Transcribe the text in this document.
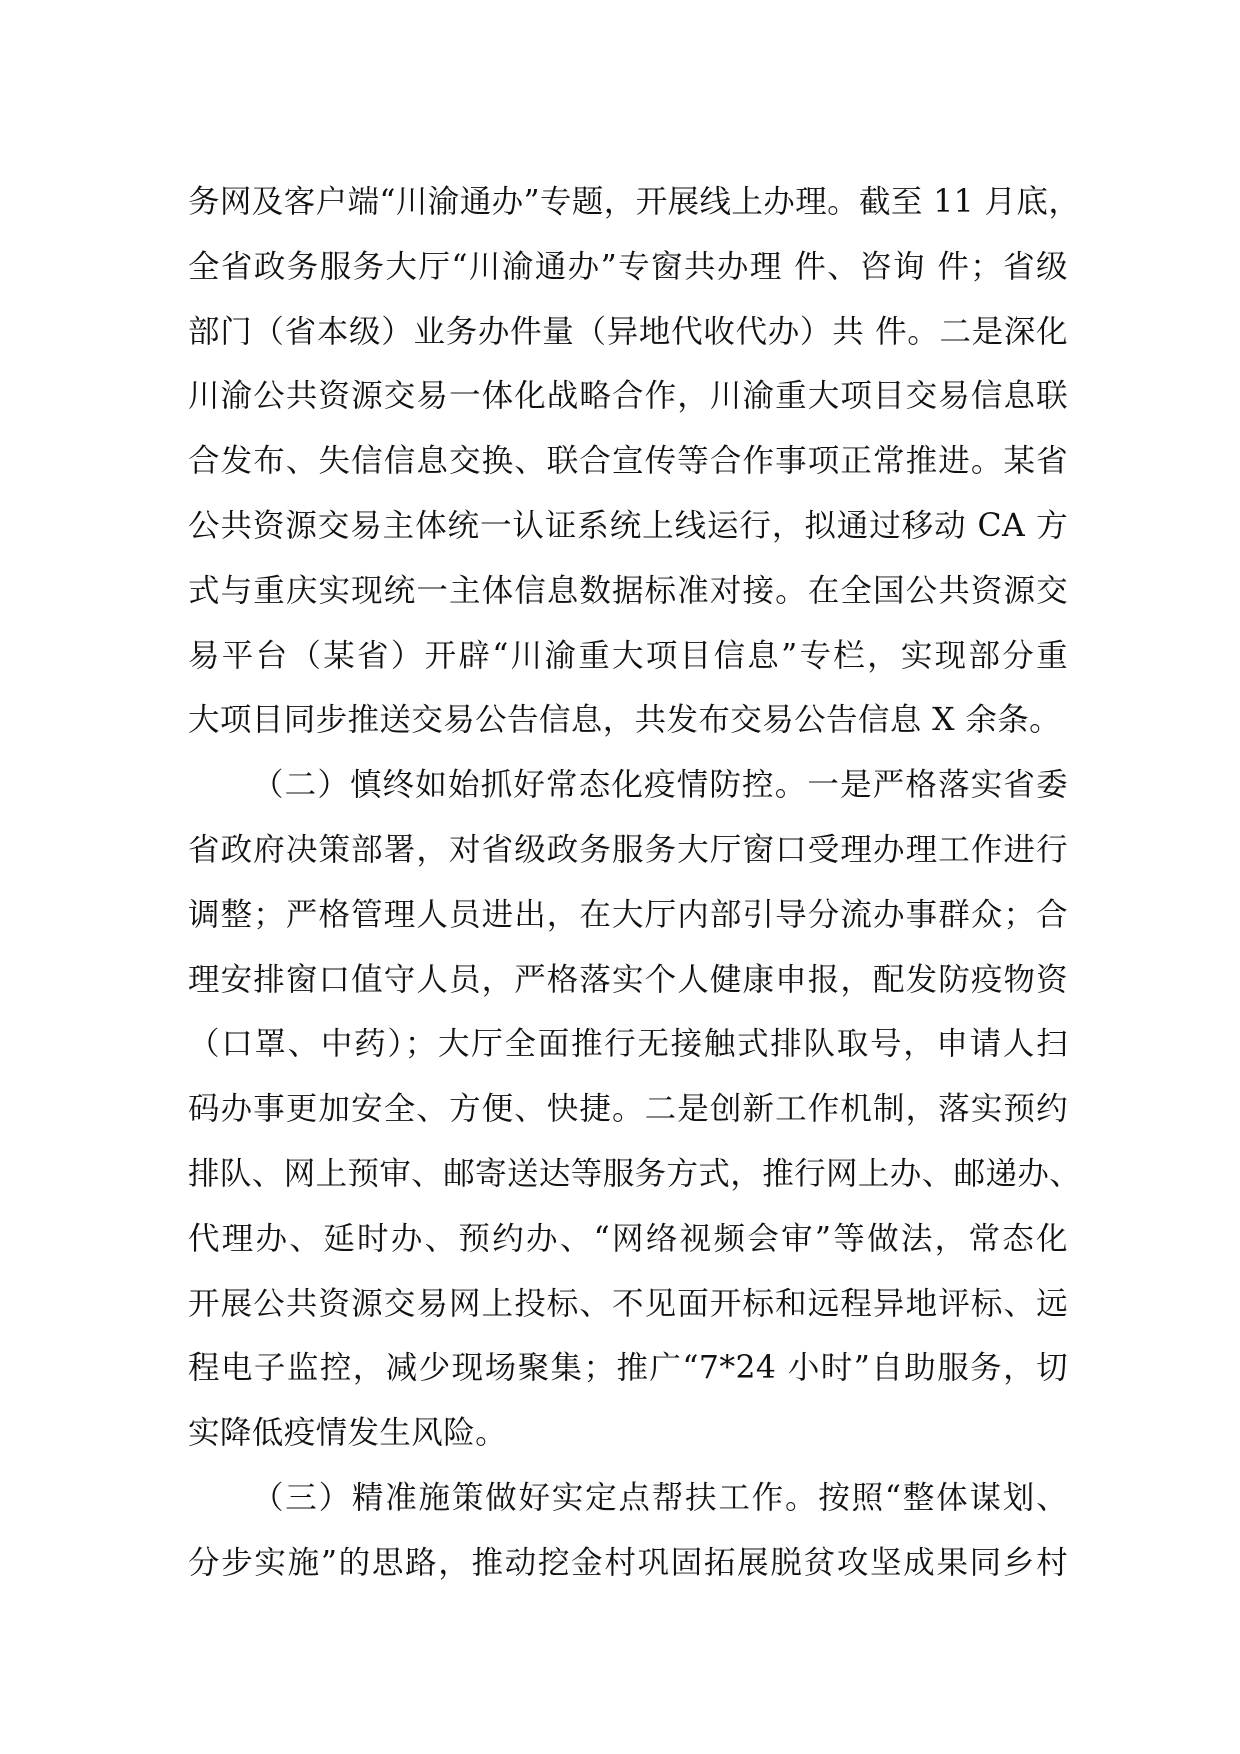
务网及客户端“川渝通办”专题，开展线上办理。截至 11 月底，
全省政务服务大厅“川渝通办”专窗共办理 件、咨询 件；省级
部门（省本级）业务办件量（异地代收代办）共 件。二是深化
川渝公共资源交易一体化战略合作，川渝重大项目交易信息联
合发布、失信信息交换、联合宣传等合作事项正常推进。某省
公共资源交易主体统一认证系统上线运行，拟通过移动 CA 方
式与重庆实现统一主体信息数据标准对接。在全国公共资源交
易平台（某省）开辟“川渝重大项目信息”专栏，实现部分重
大项目同步推送交易公告信息，共发布交易公告信息 X 余条。
（二）慎终如始抓好常态化疫情防控。一是严格落实省委
省政府决策部署，对省级政务服务大厅窗口受理办理工作进行
调整；严格管理人员进出，在大厅内部引导分流办事群众；合
理安排窗口值守人员，严格落实个人健康申报，配发防疫物资
（口罩、中药）；大厅全面推行无接触式排队取号，申请人扫
码办事更加安全、方便、快捷。二是创新工作机制，落实预约
排队、网上预审、邮寄送达等服务方式，推行网上办、邮递办、
代理办、延时办、预约办、“网络视频会审”等做法，常态化
开展公共资源交易网上投标、不见面开标和远程异地评标、远
程电子监控，减少现场聚集；推广“7*24 小时”自助服务，切
实降低疫情发生风险。
（三）精准施策做好实定点帮扶工作。按照“整体谋划、
分步实施”的思路，推动挖金村巩固拓展脱贫攻坚成果同乡村
